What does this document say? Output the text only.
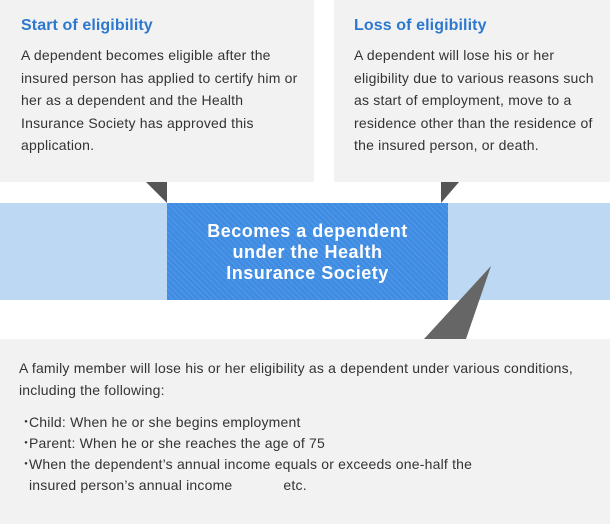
Start of eligibility

A dependent becomes eligible after the insured person has applied to certify him or her as a dependent and the Health Insurance Society has approved this application.

Loss of eligibility

A dependent will lose his or her eligibility due to various reasons such as start of employment, move to a residence other than the residence of the insured person, or death.

Becomes a dependent under the Health Insurance Society

A family member will lose his or her eligibility as a dependent under various conditions, including the following:

・
Child: When he or she begins employment
・
Parent: When he or she reaches the age of 75
・
When the dependent’s annual income equals or exceeds one-half the
insured person’s annual income	etc.
